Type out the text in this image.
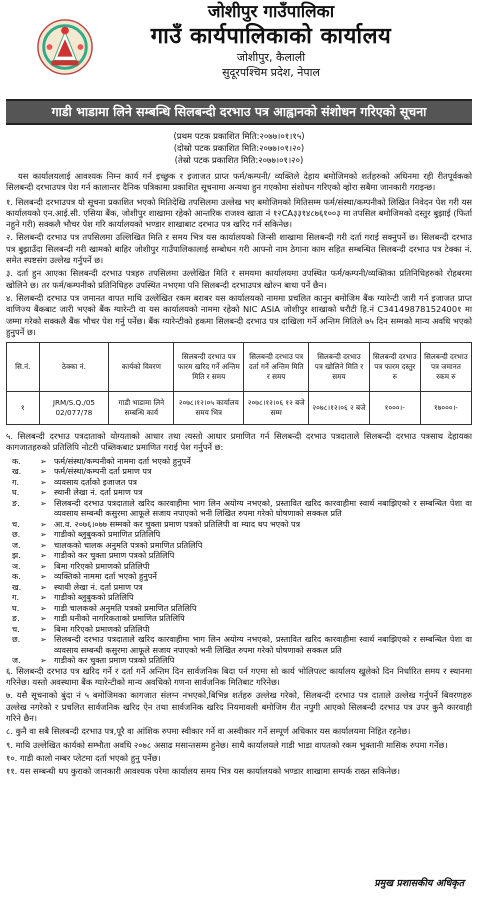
जोशीपुर गाउँपालिका
गाउँ कार्यपालिकाको कार्यालय
जोशीपुर, कैलाली
सुदूरपश्चिम प्रदेश, नेपाल
गाडी भाडामा लिने सम्बन्धि सिलबन्दी दरभाउ पत्र आह्वानको संशोधन गरिएको सूचना
(प्रथम पटक प्रकाशित मिति:२०७७।०१।१५)
(दोस्रो पटक प्रकाशित मिति:२०७७।०१।२०)
(तेस्रो पटक प्रकाशित मिति:२०७७।०१।२०)

यस कार्यालयलाई आवश्यक निम्न कार्य गर्न इच्छुक र इजाजत प्राप्त फर्म/कम्पनी/ व्यक्तिले देहाय बमोजिमको शर्तहरुको अधिनमा रही रीतपूर्वकको सिलबन्दी दरभाउपत्र पेश गर्न कालान्तर दैनिक पत्रिकामा प्रकाशित सूचनामा अन्यथा हुन गएकोमा संशोधन गरिएको व्होरा सबैमा जानकारी गराइन्छ।

१. सिलबन्दी दरभाउपत्र यो सूचना प्रकाशित भएको मितिदेखि तपसिलमा उल्लेख भए बमोजिमको मितिसम्म फर्म/संस्था/कम्पनीको लिखित निवेदन पेश गरी यस कार्यालयको एन.आई.सी. एसिया बैंक, जोशीपुर शाखामा रहेको आन्तरिक राजश्व खाता नं १२CA३३१४८७६१००३ मा तपसिल बमोजिमको दस्तुर बुझाई (फिर्ता नहुने गरी) सक्कलै भौचर पेश गरि कार्यालयको भण्डार शाखाबाट दरभाउ पत्र खरिद गर्न सकिनेछ।

२. सिलबन्दी दरभाउ पत्र तपसिलमा उल्लिखित मिति र समय भित्र यस कार्यालयको जिन्सी शाखामा सिलबन्दी गरी दर्ता गराई सक्नुपर्ने छ। सिलबन्दी दरभाउ पत्र बुझाउँदा सिलबन्दी गरी खामको बाहिर जोशीपुर गाउँपालिकालाई सम्बोधन गरी आफ्नो नाम ठेगाना काम सहित सम्बन्धित सिलबन्दी दरभाउ पत्र टेक्का नं. समेत स्पष्टसंग उल्लेख गर्नुपर्ने छ।

३. दर्ता हुन आएका सिलबन्दी दरभाउ पत्रहरु तपसिलमा उल्लेखित मिति र समयमा कार्यालयमा उपस्थित फर्म/कम्पनी/व्यक्तिका प्रतिनिधिहरुको रोहबरमा खोलिने छ। तर फर्म/कम्पनीको प्रतिनिधिहरु उपस्थित नभएमा पनि सिलबन्दी दरभाउपत्र खोल्न बाधा पर्ने छैन।

४. सिलबन्दी दरभाउ पत्र जमानत वापत माथि उल्लेखित रकम बराबर यस कार्यालयको नाममा प्रचलित कानुन बमोजिम बैंक ग्यारेन्टी जारी गर्न इजाजत प्राप्त वाणिज्य बैंकबाट जारी भएको बैंक ग्यारेन्टी वा यस कार्यालयको नाममा रहेको NIC ASIA जोशीपुर शाखाको धरौटी हि.नं C34149878152400१ मा जम्मा गरेको सक्कलै बैंक भौचर पेश गर्नु पर्नेछ। बैंक ग्यारेन्टीको हकमा सिलबन्दी दरभाउ पत्र दाखिला गर्ने अन्तिम मितिले ७५ दिन सम्मको मान्य अवधि भएको हुनुपर्ने छ।

सि.नं.	ठेक्का नं.	कार्यको विवरण	सिलबन्दी दरभाउ पत्र फारम खरिद गर्ने अन्तिम मिति र समय	सिलबन्दी दरभाउ पत्र दर्ता गर्ने अन्तिम मिति र समय	सिलबन्दी दरभाउ पत्र खोलिने मिति र समय	सिलबन्दी दरभाउ पत्र फारम दस्तुर रु	सिलबन्दी दरभाउ पत्र जमानत रकम रु
१	JRM/S.Q./05 02/077/78	गाडी भाडामा लिने सम्बन्धि कार्य	२०७८।१२।०५ कार्यालय समय भित्र	२०७८।१२।०६ १२ बजे सम्म	२०७८।१२।०६ २ बजे	१०००।-	१७०००।-

५. सिलबन्दी दरभाउ पत्रदाताको योग्यताको आधार तथा त्यस्तो आधार प्रमाणित गर्न सिलबन्दी दरभाउ पत्रदाताले सिलबन्दी दरभाउ पत्रसाथ देहायका कागजातहरुको प्रतिलिपि नोटरी पब्लिकबाट प्रमाणित गराई पेश गर्नुपर्ने छ:

क.	➢ फर्म/संस्था/कम्पनीको नाममा दर्ता भएको हुनुपर्ने
ख.	➢ फर्म/संस्था/कम्पनी दर्ता प्रमाण पत्र
ग.	➢ व्यवसाय दर्ताको इजाजत पत्र
घ.	➢ स्थानी लेखा नं. दर्ता प्रमाण पत्र
ङ.	➢ सिलबन्दी दरभाउ पत्रदाताले खरिद कारवाहीमा भाग लिन अयोग्य नभएको, प्रस्तावित खरिद कारवाहीमा स्वार्थ नबाझिएको र सम्बन्धित पेशा वा व्यवसाय सम्बन्धी कसुरमा आफूले सजाय नपाएको भनी लिखित रुपमा गरेको घोषणाको सक्कल प्रति
च.	➢ आ.व. २०७६।०७७ सम्मको कर चुक्ता प्रमाण पत्रको प्रतिलिपी वा म्याद थप भएको पत्र
छ.	➢ गाडीको ब्लुबुकको प्रमाणित प्रतिलिपि
ज.	➢ चालकको चालक अनुमति पत्रको प्रमाणित प्रतिलिपि
झ.	➢ गाडीको कर चुक्ता प्रमाण पत्रको प्रतिलिपि
ञ.	➢ बिमा गरिएको प्रमाणको प्रतिलिपी
क.	➢ व्यक्तिको नाममा दर्ता भएको हुनुपर्ने
ख.	➢ स्थायी लेखा नं. दर्ता प्रमाण पत्र
ग.	➢ गाडीको ब्लुबुकको प्रतिलिपि
घ.	➢ गाडी चालकको अनुमति पत्रको प्रमाणित प्रतिलिपि
ङ.	➢ गाडी धनीको नागरिकताको प्रमाणित प्रतिलिपि
च.	➢ बिमा गरिएको प्रमाणको प्रतिलिपी
छ.	➢ सिलबन्दी दरभाउ पत्रदाताले खरिद कारवाहीमा भाग लिन अयोग्य नभएको, प्रस्तावित खरिद कारवाहीमा स्वार्थ नबाझिएको र सम्बन्धित पेशा वा व्यवसाय सम्बन्धी कसुरमा आफूले सजाय नपाएको भनी लिखित रुपमा गरेको घोषणाको सक्कल प्रति
ज.	➢ गाडीको कर चुक्ता प्रमाण पत्रको प्रतिलिपि

६. सिलबन्दी दरभाउ पत्र खरिद गर्ने र दर्ता गर्ने अन्तिम दिन सार्वजनिक बिदा पर्न गएमा सो कार्य भोलिपल्ट कार्यालय खुलेको दिन निर्धारित समय र स्थानमा गरिनेछ। यस्तो अवस्थामा बैंक ग्यारेन्टीको मान्य अवधिको गणना सार्वजनिक मितिबाट गरिनेछ।

७. यसै सूचनाको बुंदा नं ५ बमोजिमका कागजात संलग्न नभएको,बिभिन्न शर्तहरु उल्लेख गरेको, सिलबन्दी दरभाउ पत्र दाताले उल्लेख गर्नुपर्ने बिवरणहरु उल्लेख नगरेको र प्रचलित सार्वजनिक खरिद ऐन तथा सार्वजनिक खरिद नियमावली बमोजिम रीत नपुगी आएको सिलबन्दी दरभाउ पत्र उपर कुनै कारवाही गरिने छैन।

८. कुनै वा सबै सिलबन्दी दरभाउ पत्र,पूरै वा आंशिक रुपमा स्वीकार गर्ने वा अस्वीकार गर्ने सम्पूर्ण अधिकार यस कार्यालयमा निहित रहनेछ।

९. माथि उल्लेखित कार्यको सम्भौता अवधि २०७८ असाढ मसान्तसम्म हुनेछ। साथै कार्यालयले गाडी भाडा वापतको रकम भुक्तानी मासिक रुपमा गर्नेछ।

१०. गाडी कालो नम्बर प्लेटमा दर्ता भएको हुनु पर्नेछ।

११. यस सम्बन्धी थप कुराको जानकारी आवश्यक परेमा कार्यालय समय भित्र यस कार्यालयको भण्डार शाखामा सम्पर्क राख्न सकिनेछ।

प्रमुख प्रशासकीय अधिकृत
